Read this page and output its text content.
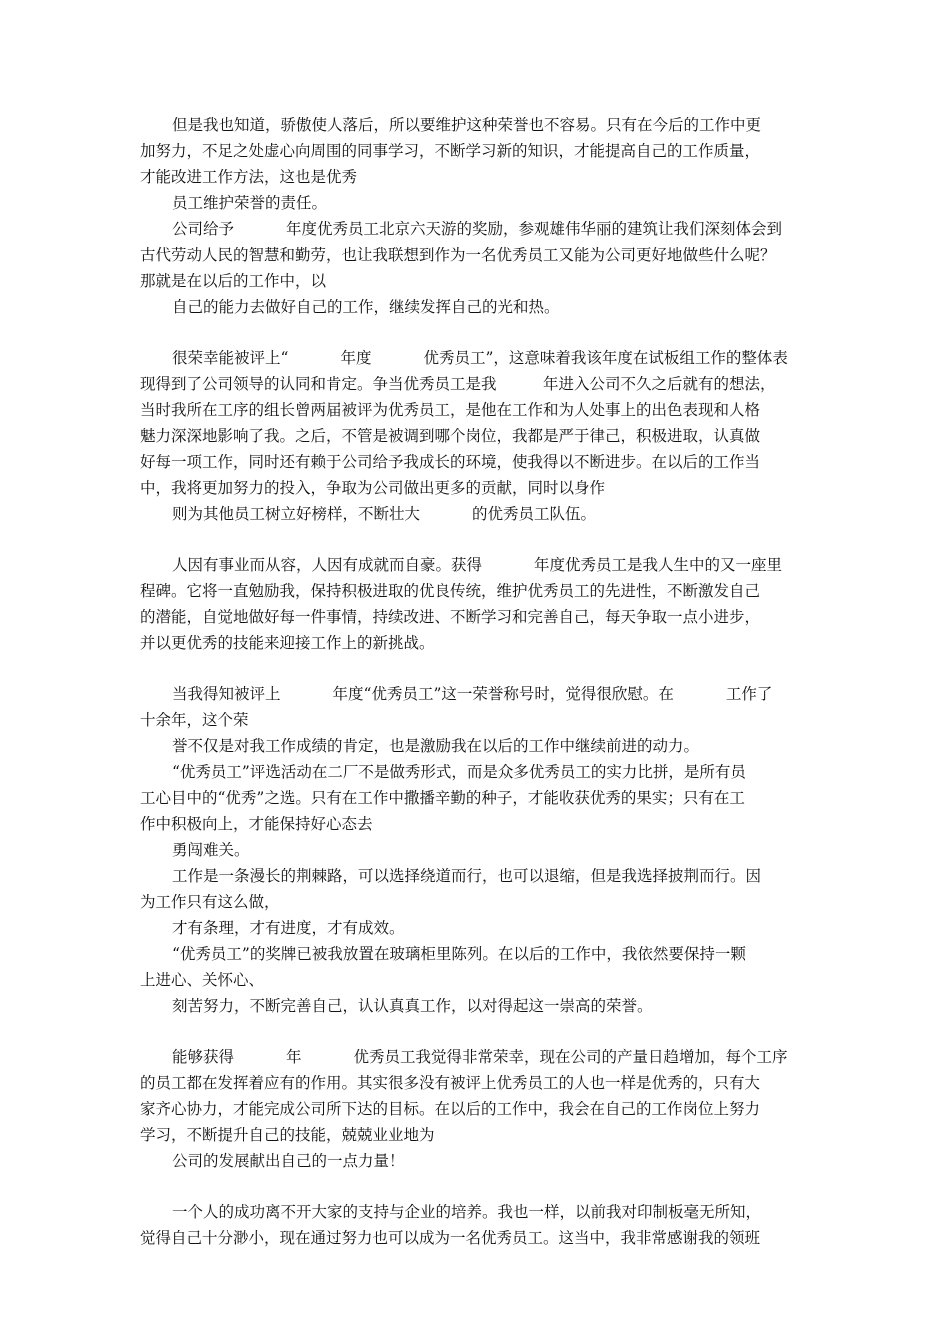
但是我也知道，骄傲使人落后，所以要维护这种荣誉也不容易。只有在今后的工作中更
加努力，不足之处虚心向周围的同事学习，不断学习新的知识，才能提高自己的工作质量，
才能改进工作方法，这也是优秀
员工维护荣誉的责任。
公司给予	年度优秀员工北京六天游的奖励，参观雄伟华丽的建筑让我们深刻体会到
古代劳动人民的智慧和勤劳，也让我联想到作为一名优秀员工又能为公司更好地做些什么呢？
那就是在以后的工作中，以
自己的能力去做好自己的工作，继续发挥自己的光和热。
很荣幸能被评上“	年度	优秀员工”，这意味着我该年度在试板组工作的整体表
现得到了公司领导的认同和肯定。争当优秀员工是我　　　年进入公司不久之后就有的想法，
当时我所在工序的组长曾两届被评为优秀员工，是他在工作和为人处事上的出色表现和人格
魅力深深地影响了我。之后，不管是被调到哪个岗位，我都是严于律己，积极进取，认真做
好每一项工作，同时还有赖于公司给予我成长的环境，使我得以不断进步。在以后的工作当
中，我将更加努力的投入，争取为公司做出更多的贡献，同时以身作
则为其他员工树立好榜样，不断壮大	的优秀员工队伍。
人因有事业而从容，人因有成就而自豪。获得	年度优秀员工是我人生中的又一座里
程碑。它将一直勉励我，保持积极进取的优良传统，维护优秀员工的先进性，不断激发自己
的潜能，自觉地做好每一件事情，持续改进、不断学习和完善自己，每天争取一点小进步，
并以更优秀的技能来迎接工作上的新挑战。
当我得知被评上	年度“优秀员工”这一荣誉称号时，觉得很欣慰。在	工作了
十余年，这个荣
誉不仅是对我工作成绩的肯定，也是激励我在以后的工作中继续前进的动力。
“优秀员工”评选活动在二厂不是做秀形式，而是众多优秀员工的实力比拼，是所有员
工心目中的“优秀”之选。只有在工作中撒播辛勤的种子，才能收获优秀的果实；只有在工
作中积极向上，才能保持好心态去
勇闯难关。
工作是一条漫长的荆棘路，可以选择绕道而行，也可以退缩，但是我选择披荆而行。因
为工作只有这么做，
才有条理，才有进度，才有成效。
“优秀员工”的奖牌已被我放置在玻璃柜里陈列。在以后的工作中，我依然要保持一颗
上进心、关怀心、
刻苦努力，不断完善自己，认认真真工作，以对得起这一崇高的荣誉。
能够获得	年	优秀员工我觉得非常荣幸，现在公司的产量日趋增加，每个工序
的员工都在发挥着应有的作用。其实很多没有被评上优秀员工的人也一样是优秀的，只有大
家齐心协力，才能完成公司所下达的目标。在以后的工作中，我会在自己的工作岗位上努力
学习，不断提升自己的技能，兢兢业业地为
公司的发展献出自己的一点力量！
一个人的成功离不开大家的支持与企业的培养。我也一样，以前我对印制板毫无所知，
觉得自己十分渺小，现在通过努力也可以成为一名优秀员工。这当中，我非常感谢我的领班
